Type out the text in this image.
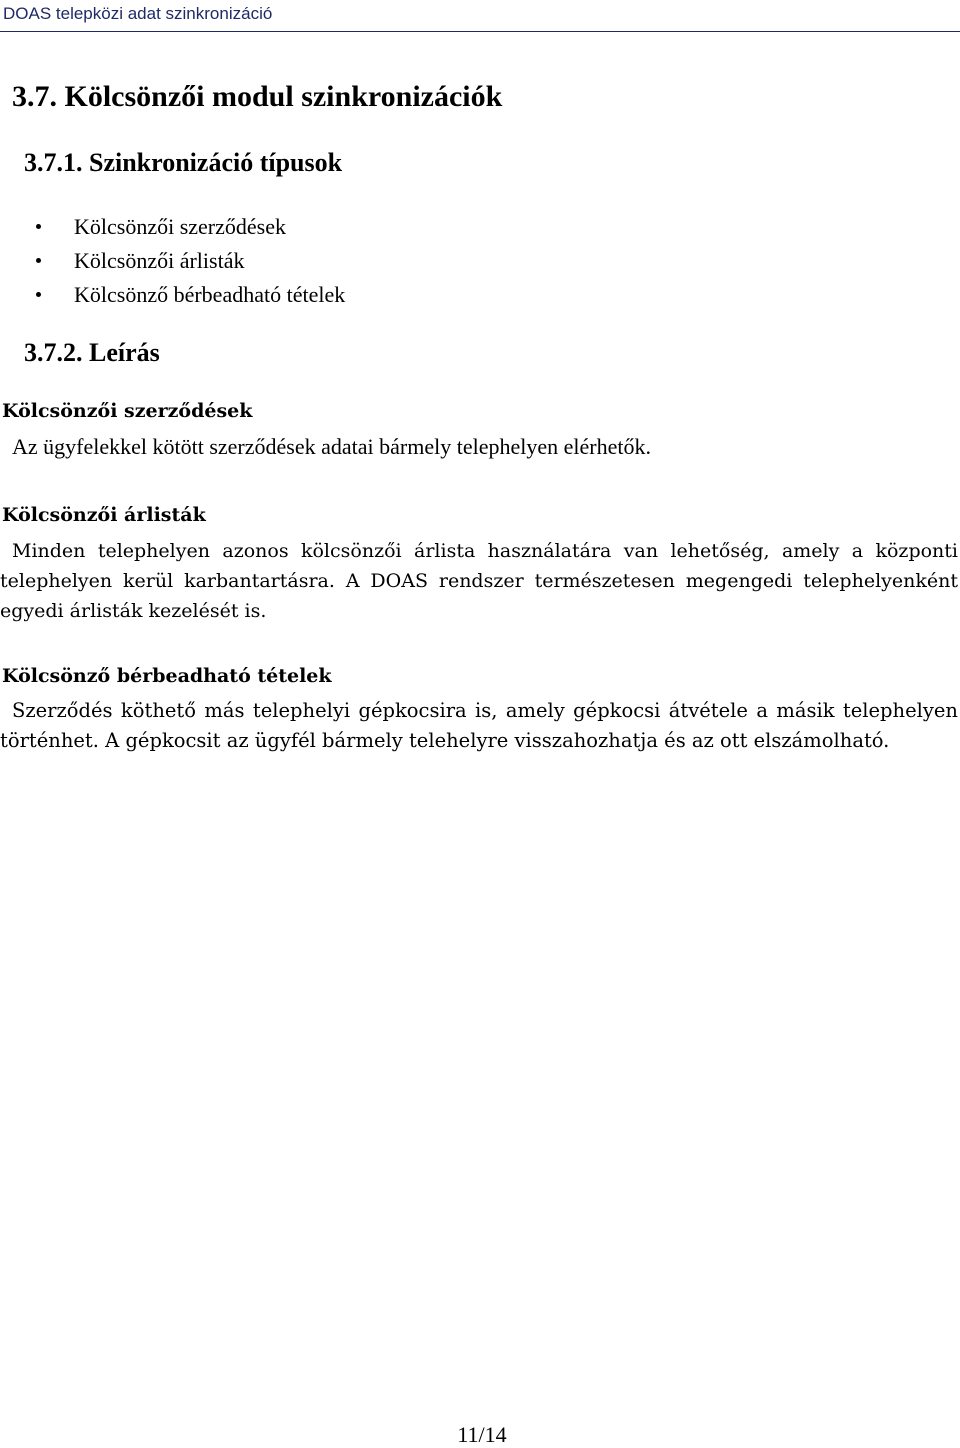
DOAS telepközi adat szinkronizáció

3.7. Kölcsönzői modul szinkronizációk
3.7.1. Szinkronizáció típusok
Kölcsönzői szerződések
Kölcsönzői árlisták
Kölcsönző bérbeadható tételek
3.7.2. Leírás
Kölcsönzői szerződések

Az ügyfelekkel kötött szerződések adatai bármely telephelyen elérhetők.

Kölcsönzői árlisták

Minden telephelyen azonos kölcsönzői árlista használatára van lehetőség, amely a központi telephelyen kerül karbantartásra. A DOAS rendszer természetesen megengedi telephelyenként egyedi árlisták kezelését is.

Kölcsönző bérbeadható tételek

Szerződés köthető más telephelyi gépkocsira is, amely gépkocsi átvétele a másik telephelyen történhet. A gépkocsit az ügyfél bármely telehelyre visszahozhatja és az ott elszámolható.

11/14
